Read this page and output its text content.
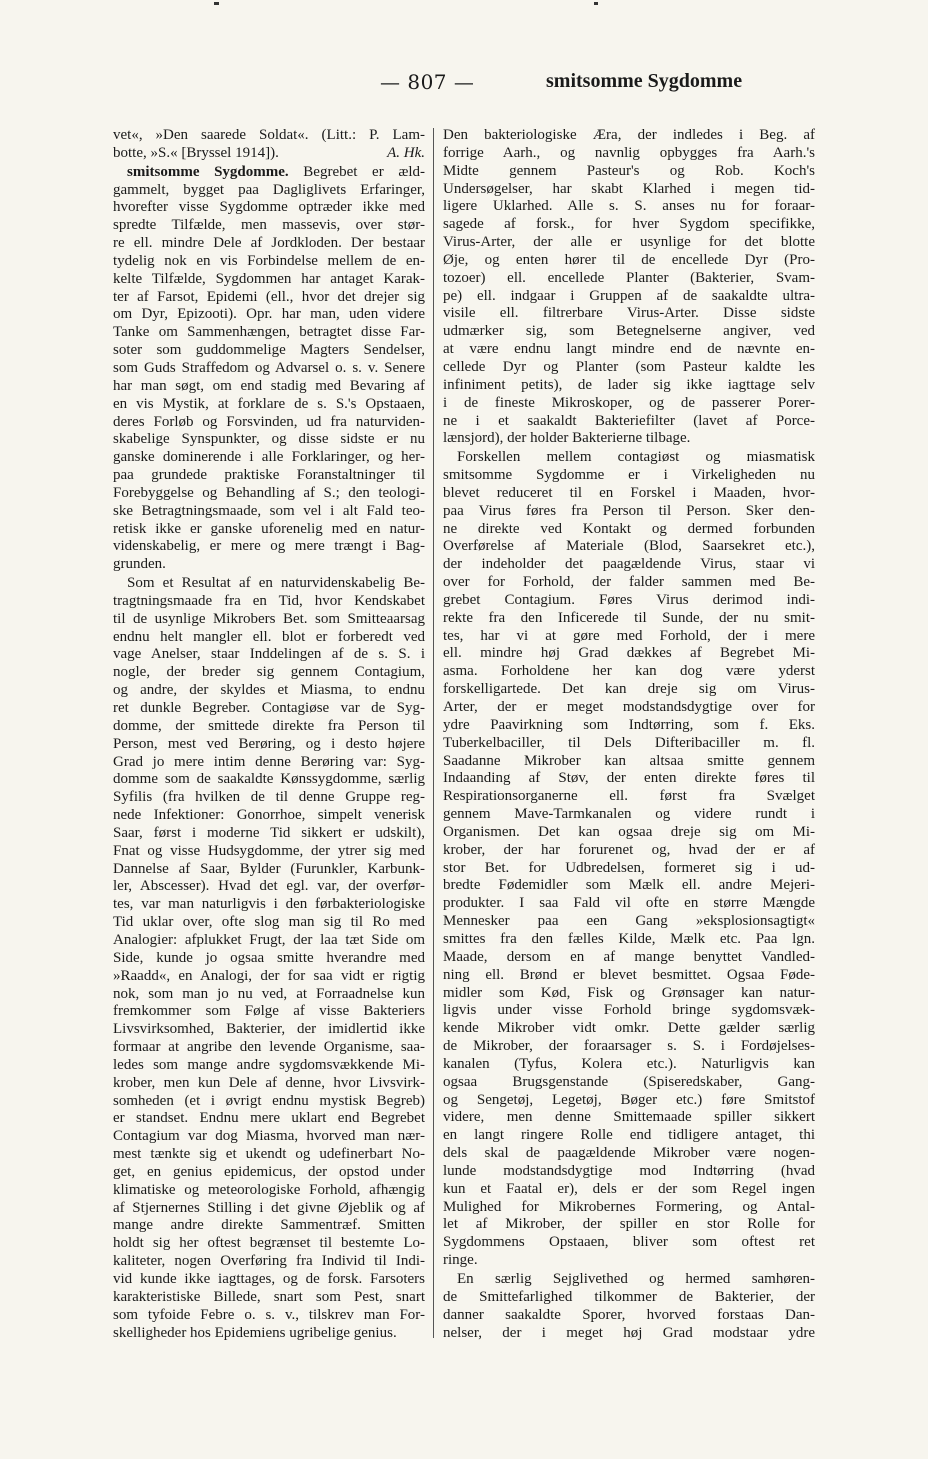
— 807 —	smitsomme Sygdomme

vet«, »Den saarede Soldat«. (Litt.: P. Lam-
botte, »S.« [Bryssel 1914]).	A. Hk.

smitsomme Sygdomme. Begrebet er æld-
gammelt, bygget paa Dagliglivets Erfaringer,
hvorefter visse Sygdomme optræder ikke med
spredte Tilfælde, men massevis, over stør-
re ell. mindre Dele af Jordkloden. Der bestaar
tydelig nok en vis Forbindelse mellem de en-
kelte Tilfælde, Sygdommen har antaget Karak-
ter af Farsot, Epidemi (ell., hvor det drejer sig
om Dyr, Epizooti). Opr. har man, uden videre
Tanke om Sammenhængen, betragtet disse Far-
soter som guddommelige Magters Sendelser,
som Guds Straffedom og Advarsel o. s. v. Senere
har man søgt, om end stadig med Bevaring af
en vis Mystik, at forklare de s. S.'s Opstaaen,
deres Forløb og Forsvinden, ud fra naturviden-
skabelige Synspunkter, og disse sidste er nu
ganske dominerende i alle Forklaringer, og her-
paa grundede praktiske Foranstaltninger til
Forebyggelse og Behandling af S.; den teologi-
ske Betragtningsmaade, som vel i alt Fald teo-
retisk ikke er ganske uforenelig med en natur-
videnskabelig, er mere og mere trængt i Bag-
grunden.

Som et Resultat af en naturvidenskabelig Be-
tragtningsmaade fra en Tid, hvor Kendskabet
til de usynlige Mikrobers Bet. som Smitteaarsag
endnu helt mangler ell. blot er forberedt ved
vage Anelser, staar Inddelingen af de s. S. i
nogle, der breder sig gennem Contagium,
og andre, der skyldes et Miasma, to endnu
ret dunkle Begreber. Contagiøse var de Syg-
domme, der smittede direkte fra Person til
Person, mest ved Berøring, og i desto højere
Grad jo mere intim denne Berøring var: Syg-
domme som de saakaldte Kønssygdomme, særlig
Syfilis (fra hvilken de til denne Gruppe reg-
nede Infektioner: Gonorrhoe, simpelt venerisk
Saar, først i moderne Tid sikkert er udskilt),
Fnat og visse Hudsygdomme, der ytrer sig med
Dannelse af Saar, Bylder (Furunkler, Karbunk-
ler, Abscesser). Hvad det egl. var, der overfør-
tes, var man naturligvis i den førbakteriologiske
Tid uklar over, ofte slog man sig til Ro med
Analogier: afplukket Frugt, der laa tæt Side om
Side, kunde jo ogsaa smitte hverandre med
»Raadd«, en Analogi, der for saa vidt er rigtig
nok, som man jo nu ved, at Forraadnelse kun
fremkommer som Følge af visse Bakteriers
Livsvirksomhed, Bakterier, der imidlertid ikke
formaar at angribe den levende Organisme, saa-
ledes som mange andre sygdomsvækkende Mi-
krober, men kun Dele af denne, hvor Livsvirk-
somheden (et i øvrigt endnu mystisk Begreb)
er standset. Endnu mere uklart end Begrebet
Contagium var dog Miasma, hvorved man nær-
mest tænkte sig et ukendt og udefinerbart No-
get, en genius epidemicus, der opstod under
klimatiske og meteorologiske Forhold, afhængig
af Stjernernes Stilling i det givne Øjeblik og af
mange andre direkte Sammentræf. Smitten
holdt sig her oftest begrænset til bestemte Lo-
kaliteter, nogen Overføring fra Individ til Indi-
vid kunde ikke iagttages, og de forsk. Farsoters
karakteristiske Billede, snart som Pest, snart
som tyfoide Febre o. s. v., tilskrev man For-
skelligheder hos Epidemiens ugribelige genius.

Den bakteriologiske Æra, der indledes i Beg. af
forrige Aarh., og navnlig opbygges fra Aarh.'s
Midte gennem Pasteur's og Rob. Koch's
Undersøgelser, har skabt Klarhed i megen tid-
ligere Uklarhed. Alle s. S. anses nu for foraar-
sagede af forsk., for hver Sygdom specifikke,
Virus-Arter, der alle er usynlige for det blotte
Øje, og enten hører til de encellede Dyr (Pro-
tozoer) ell. encellede Planter (Bakterier, Svam-
pe) ell. indgaar i Gruppen af de saakaldte ultra-
visile ell. filtrerbare Virus-Arter. Disse sidste
udmærker sig, som Betegnelserne angiver, ved
at være endnu langt mindre end de nævnte en-
cellede Dyr og Planter (som Pasteur kaldte les
infiniment petits), de lader sig ikke iagttage selv
i de fineste Mikroskoper, og de passerer Porer-
ne i et saakaldt Bakteriefilter (lavet af Porce-
lænsjord), der holder Bakterierne tilbage.

Forskellen mellem contagiøst og miasmatisk
smitsomme Sygdomme er i Virkeligheden nu
blevet reduceret til en Forskel i Maaden, hvor-
paa Virus føres fra Person til Person. Sker den-
ne direkte ved Kontakt og dermed forbunden
Overførelse af Materiale (Blod, Saarsekret etc.),
der indeholder det paagældende Virus, staar vi
over for Forhold, der falder sammen med Be-
grebet Contagium. Føres Virus derimod indi-
rekte fra den Inficerede til Sunde, der nu smit-
tes, har vi at gøre med Forhold, der i mere
ell. mindre høj Grad dækkes af Begrebet Mi-
asma. Forholdene her kan dog være yderst
forskelligartede. Det kan dreje sig om Virus-
Arter, der er meget modstandsdygtige over for
ydre Paavirkning som Indtørring, som f. Eks.
Tuberkelbaciller, til Dels Difteribaciller m. fl.
Saadanne Mikrober kan altsaa smitte gennem
Indaanding af Støv, der enten direkte føres til
Respirationsorganerne ell. først fra Svælget
gennem Mave-Tarmkanalen og videre rundt i
Organismen. Det kan ogsaa dreje sig om Mi-
krober, der har forurenet og, hvad der er af
stor Bet. for Udbredelsen, formeret sig i ud-
bredte Fødemidler som Mælk ell. andre Mejeri-
produkter. I saa Fald vil ofte en større Mængde
Mennesker paa een Gang »eksplosionsagtigt«
smittes fra den fælles Kilde, Mælk etc. Paa lgn.
Maade, dersom en af mange benyttet Vandled-
ning ell. Brønd er blevet besmittet. Ogsaa Føde-
midler som Kød, Fisk og Grønsager kan natur-
ligvis under visse Forhold bringe sygdomsvæk-
kende Mikrober vidt omkr. Dette gælder særlig
de Mikrober, der foraarsager s. S. i Fordøjelses-
kanalen (Tyfus, Kolera etc.). Naturligvis kan
ogsaa Brugsgenstande (Spiseredskaber, Gang-
og Sengetøj, Legetøj, Bøger etc.) føre Smitstof
videre, men denne Smittemaade spiller sikkert
en langt ringere Rolle end tidligere antaget, thi
dels skal de paagældende Mikrober være nogen-
lunde modstandsdygtige mod Indtørring (hvad
kun et Faatal er), dels er der som Regel ingen
Mulighed for Mikrobernes Formering, og Antal-
let af Mikrober, der spiller en stor Rolle for
Sygdommens Opstaaen, bliver som oftest ret
ringe.

En særlig Sejglivethed og hermed samhøren-
de Smittefarlighed tilkommer de Bakterier, der
danner saakaldte Sporer, hvorved forstaas Dan-
nelser, der i meget høj Grad modstaar ydre
